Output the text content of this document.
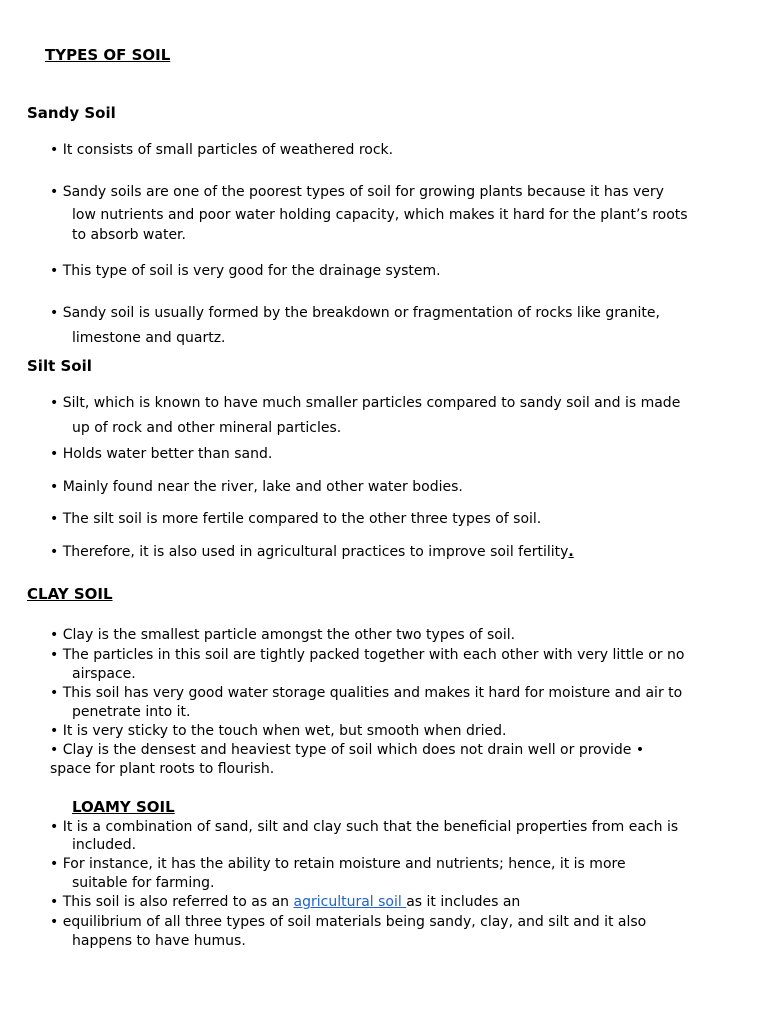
TYPES OF SOIL
Sandy Soil
• It consists of small particles of weathered rock.
• Sandy soils are one of the poorest types of soil for growing plants because it has very
low nutrients and poor water holding capacity, which makes it hard for the plant’s roots
to absorb water.
• This type of soil is very good for the drainage system.
• Sandy soil is usually formed by the breakdown or fragmentation of rocks like granite,
limestone and quartz.
Silt Soil
• Silt, which is known to have much smaller particles compared to sandy soil and is made
up of rock and other mineral particles.
• Holds water better than sand.
• Mainly found near the river, lake and other water bodies.
• The silt soil is more fertile compared to the other three types of soil.
• Therefore, it is also used in agricultural practices to improve soil fertility.
CLAY SOIL
• Clay is the smallest particle amongst the other two types of soil.
• The particles in this soil are tightly packed together with each other with very little or no
airspace.
• This soil has very good water storage qualities and makes it hard for moisture and air to
penetrate into it.
• It is very sticky to the touch when wet, but smooth when dried.
• Clay is the densest and heaviest type of soil which does not drain well or provide •
space for plant roots to flourish.
LOAMY SOIL
• It is a combination of sand, silt and clay such that the beneficial properties from each is
included.
• For instance, it has the ability to retain moisture and nutrients; hence, it is more
suitable for farming.
• This soil is also referred to as an agricultural soil as it includes an
• equilibrium of all three types of soil materials being sandy, clay, and silt and it also
happens to have humus.
